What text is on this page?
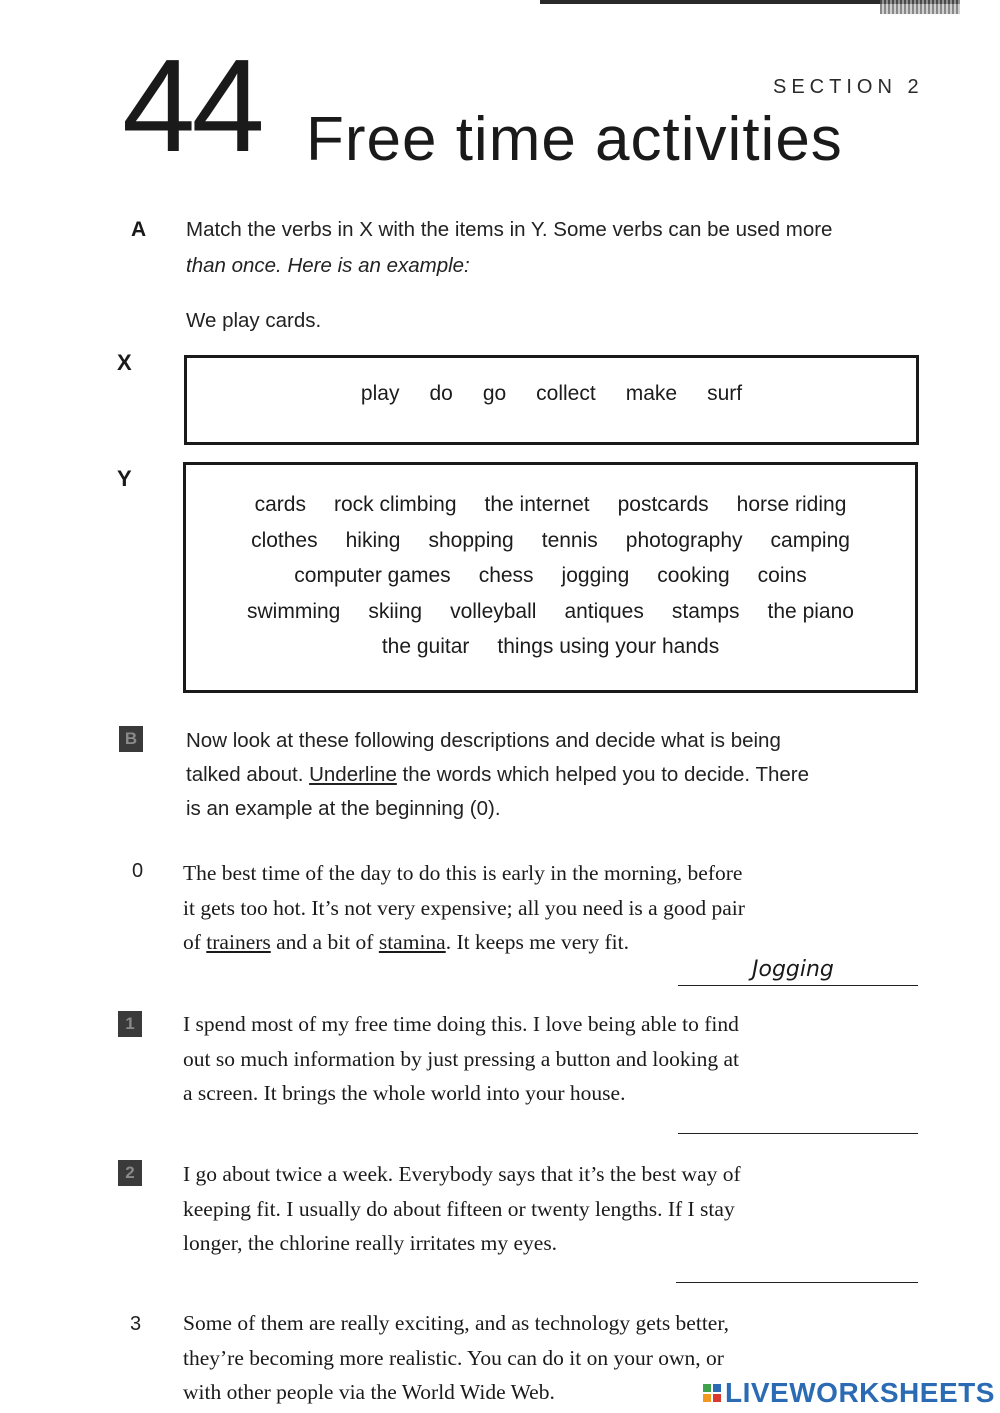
44	SECTION 2
Free time activities
A Match the verbs in X with the items in Y. Some verbs can be used more
than once. Here is an example:
We play cards.
X
play do go collect make surf
Y
cards rock climbing the internet postcards horse riding
clothes hiking shopping tennis photography camping
computer games chess jogging cooking coins
swimming skiing volleyball antiques stamps the piano
the guitar things using your hands
B Now look at these following descriptions and decide what is being
talked about. Underline the words which helped you to decide. There
is an example at the beginning (0).
0 The best time of the day to do this is early in the morning, before
it gets too hot. It’s not very expensive; all you need is a good pair
of trainers and a bit of stamina. It keeps me very fit.
Jogging
1 I spend most of my free time doing this. I love being able to find
out so much information by just pressing a button and looking at
a screen. It brings the whole world into your house.
2 I go about twice a week. Everybody says that it’s the best way of
keeping fit. I usually do about fifteen or twenty lengths. If I stay
longer, the chlorine really irritates my eyes.
3 Some of them are really exciting, and as technology gets better,
they’re becoming more realistic. You can do it on your own, or
with other people via the World Wide Web.	LIVEWORKSHEETS
